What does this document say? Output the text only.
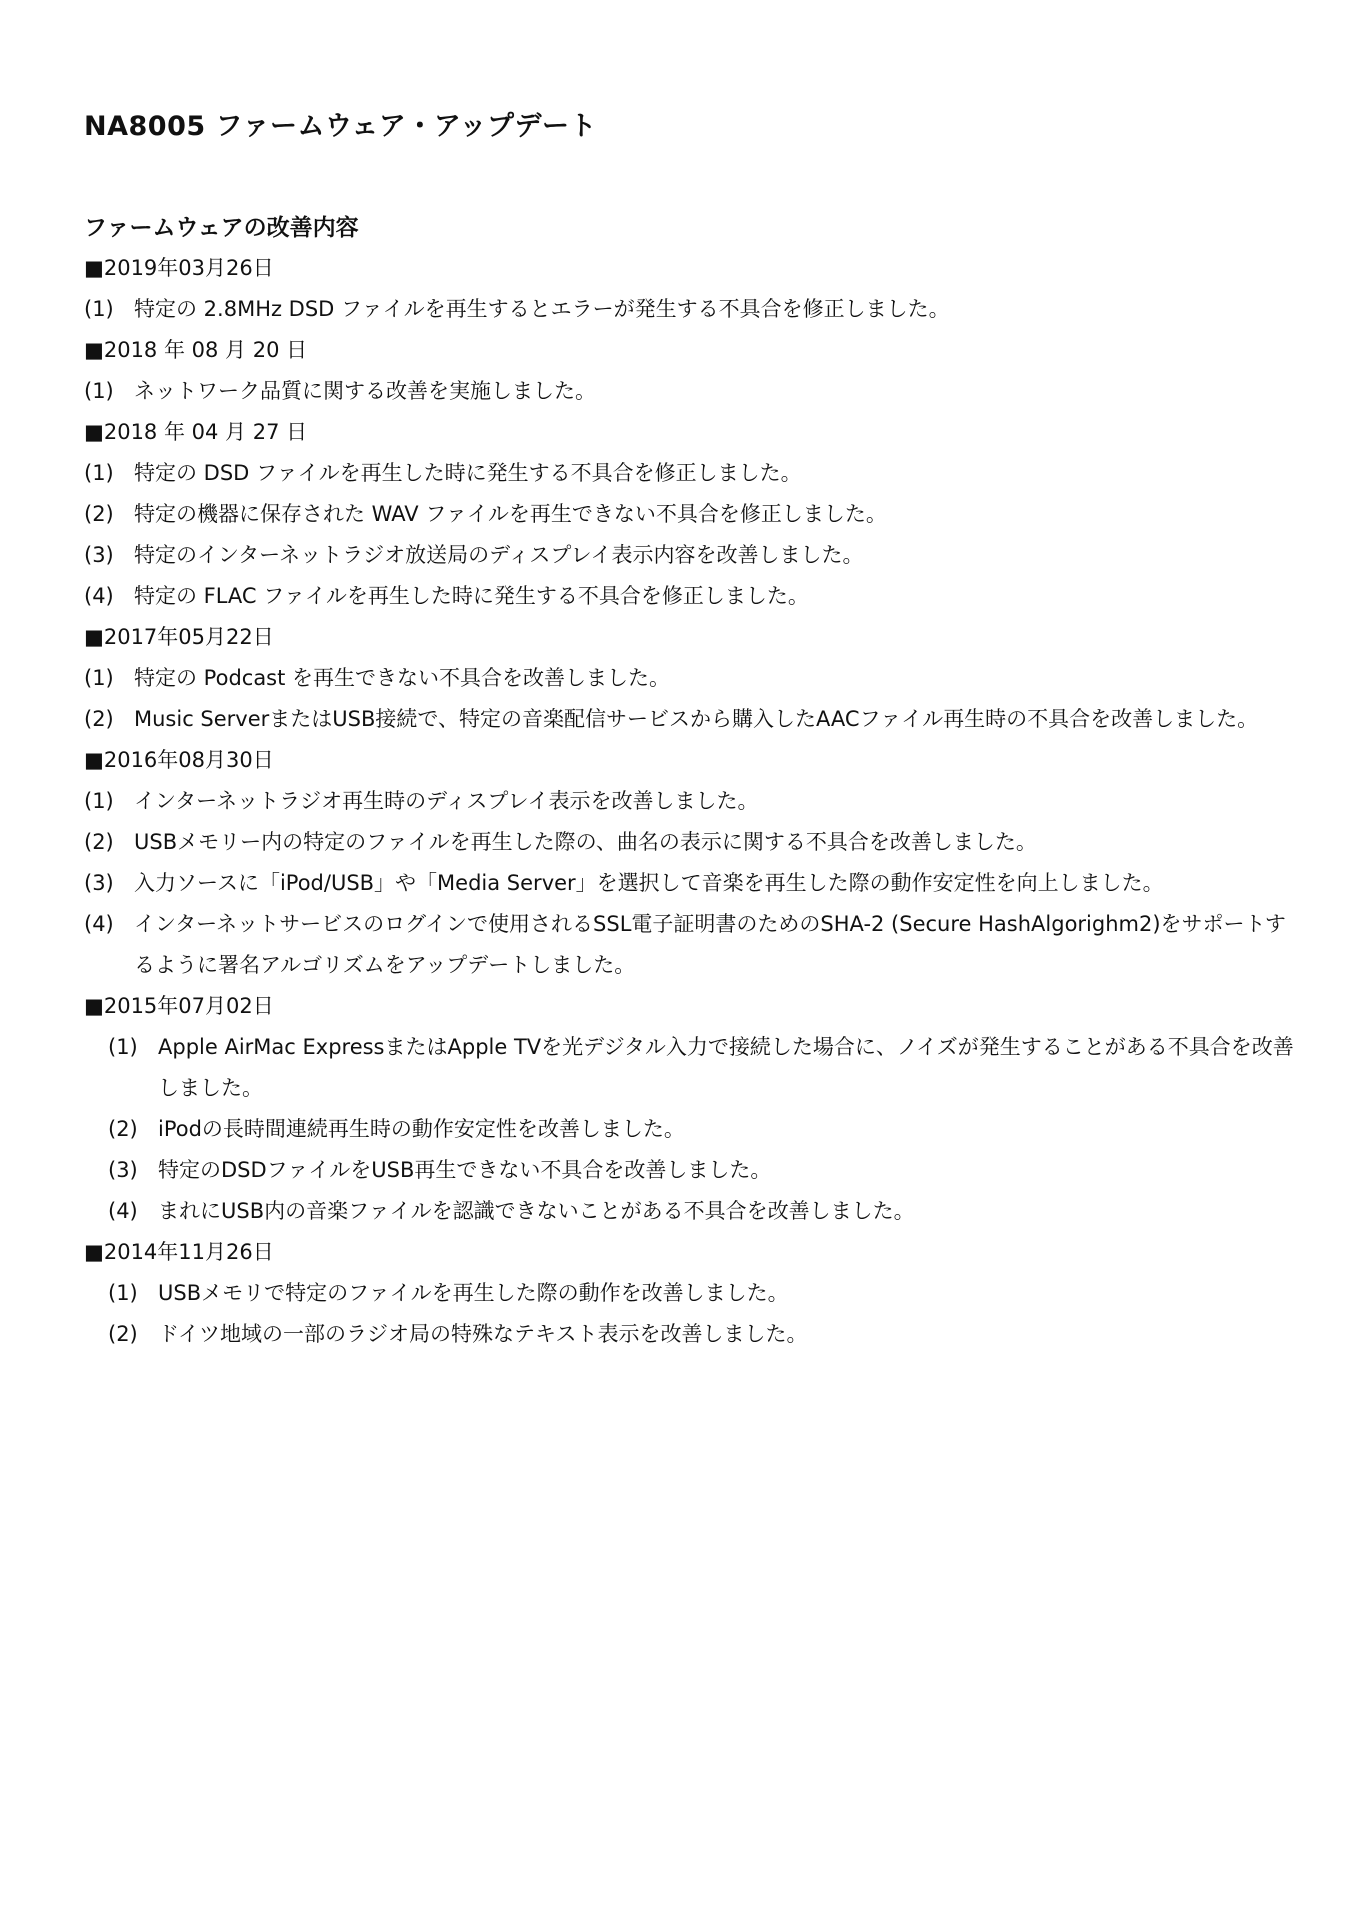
NA8005 ファームウェア・アップデート
ファームウェアの改善内容
■2019年03月26日
(1) 特定の 2.8MHz DSD ファイルを再生するとエラーが発生する不具合を修正しました。
■2018 年 08 月 20 日
(1) ネットワーク品質に関する改善を実施しました。
■2018 年 04 月 27 日
(1) 特定の DSD ファイルを再生した時に発生する不具合を修正しました。
(2) 特定の機器に保存された WAV ファイルを再生できない不具合を修正しました。
(3) 特定のインターネットラジオ放送局のディスプレイ表示内容を改善しました。
(4) 特定の FLAC ファイルを再生した時に発生する不具合を修正しました。
■2017年05月22日
(1) 特定の Podcast を再生できない不具合を改善しました。
(2) Music ServerまたはUSB接続で、特定の音楽配信サービスから購入したAACファイル再生時の不具合を改善しました。
■2016年08月30日
(1) インターネットラジオ再生時のディスプレイ表示を改善しました。
(2) USBメモリー内の特定のファイルを再生した際の、曲名の表示に関する不具合を改善しました。
(3) 入力ソースに「iPod/USB」や「Media Server」を選択して音楽を再生した際の動作安定性を向上しました。
(4) インターネットサービスのログインで使用されるSSL電子証明書のためのSHA-2 (Secure HashAlgorighm2)をサポートするように署名アルゴリズムをアップデートしました。
■2015年07月02日
(1) Apple AirMac ExpressまたはApple TVを光デジタル入力で接続した場合に、ノイズが発生することがある不具合を改善しました。
(2) iPodの長時間連続再生時の動作安定性を改善しました。
(3) 特定のDSDファイルをUSB再生できない不具合を改善しました。
(4) まれにUSB内の音楽ファイルを認識できないことがある不具合を改善しました。
■2014年11月26日
(1) USBメモリで特定のファイルを再生した際の動作を改善しました。
(2) ドイツ地域の一部のラジオ局の特殊なテキスト表示を改善しました。
